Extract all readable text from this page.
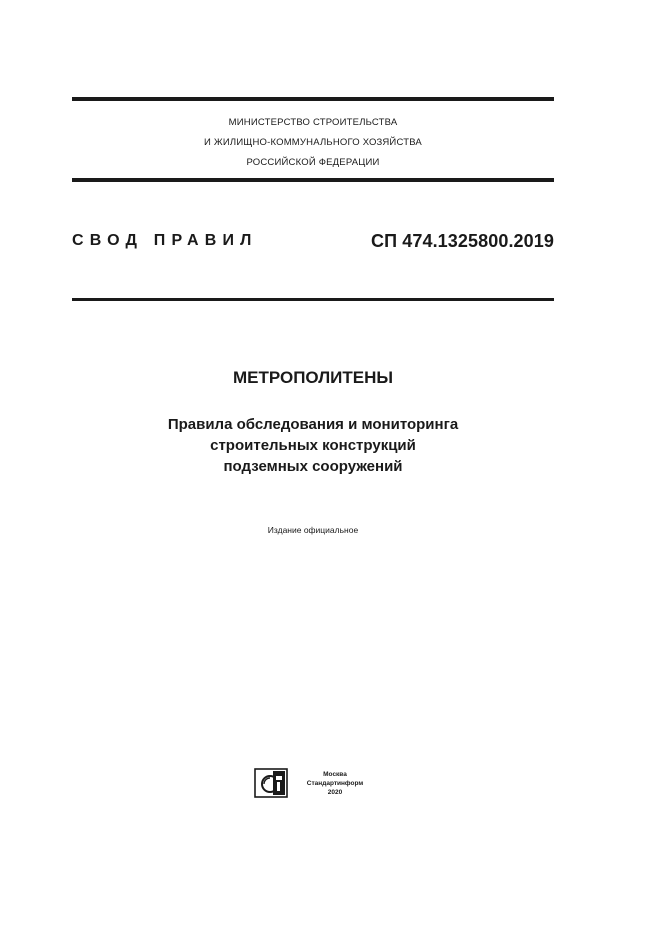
МИНИСТЕРСТВО СТРОИТЕЛЬСТВА
И ЖИЛИЩНО-КОММУНАЛЬНОГО ХОЗЯЙСТВА
РОССИЙСКОЙ ФЕДЕРАЦИИ
СВОД ПРАВИЛ	СП 474.1325800.2019
МЕТРОПОЛИТЕНЫ
Правила обследования и мониторинга
строительных конструкций
подземных сооружений
Издание официальное
Москва
Стандартинформ
2020
